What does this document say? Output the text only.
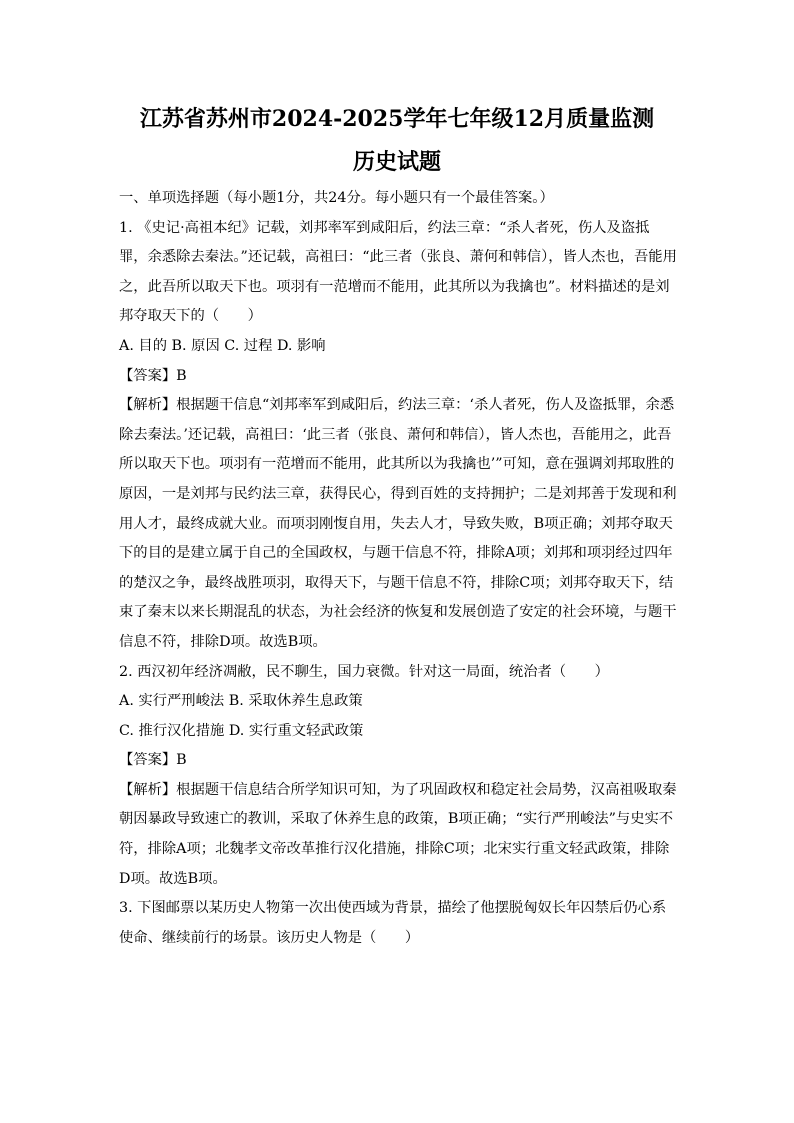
江苏省苏州市2024-2025学年七年级12月质量监测
历史试题

一、单项选择题（每小题1分，共24分。每小题只有一个最佳答案。）

1. 《史记·高祖本纪》记载，刘邦率军到咸阳后，约法三章：“杀人者死，伤人及盗抵罪，余悉除去秦法。”还记载，高祖曰：“此三者（张良、萧何和韩信），皆人杰也，吾能用之，此吾所以取天下也。项羽有一范增而不能用，此其所以为我擒也”。材料描述的是刘邦夺取天下的（　　）

A. 目的 B. 原因 C. 过程 D. 影响

【答案】B

【解析】根据题干信息“刘邦率军到咸阳后，约法三章：‘杀人者死，伤人及盗抵罪，余悉除去秦法。’还记载，高祖曰：‘此三者（张良、萧何和韩信），皆人杰也，吾能用之，此吾所以取天下也。项羽有一范增而不能用，此其所以为我擒也’”可知，意在强调刘邦取胜的原因，一是刘邦与民约法三章，获得民心，得到百姓的支持拥护；二是刘邦善于发现和利用人才，最终成就大业。而项羽刚愎自用，失去人才，导致失败，B项正确；刘邦夺取天下的目的是建立属于自己的全国政权，与题干信息不符，排除A项；刘邦和项羽经过四年的楚汉之争，最终战胜项羽，取得天下，与题干信息不符，排除C项；刘邦夺取天下，结束了秦末以来长期混乱的状态，为社会经济的恢复和发展创造了安定的社会环境，与题干信息不符，排除D项。故选B项。

2. 西汉初年经济凋敝，民不聊生，国力衰微。针对这一局面，统治者（　　）

A. 实行严刑峻法 B. 采取休养生息政策

C. 推行汉化措施 D. 实行重文轻武政策

【答案】B

【解析】根据题干信息结合所学知识可知，为了巩固政权和稳定社会局势，汉高祖吸取秦朝因暴政导致速亡的教训，采取了休养生息的政策，B项正确；“实行严刑峻法”与史实不符，排除A项；北魏孝文帝改革推行汉化措施，排除C项；北宋实行重文轻武政策，排除D项。故选B项。

3. 下图邮票以某历史人物第一次出使西域为背景，描绘了他摆脱匈奴长年囚禁后仍心系使命、继续前行的场景。该历史人物是（　　）
